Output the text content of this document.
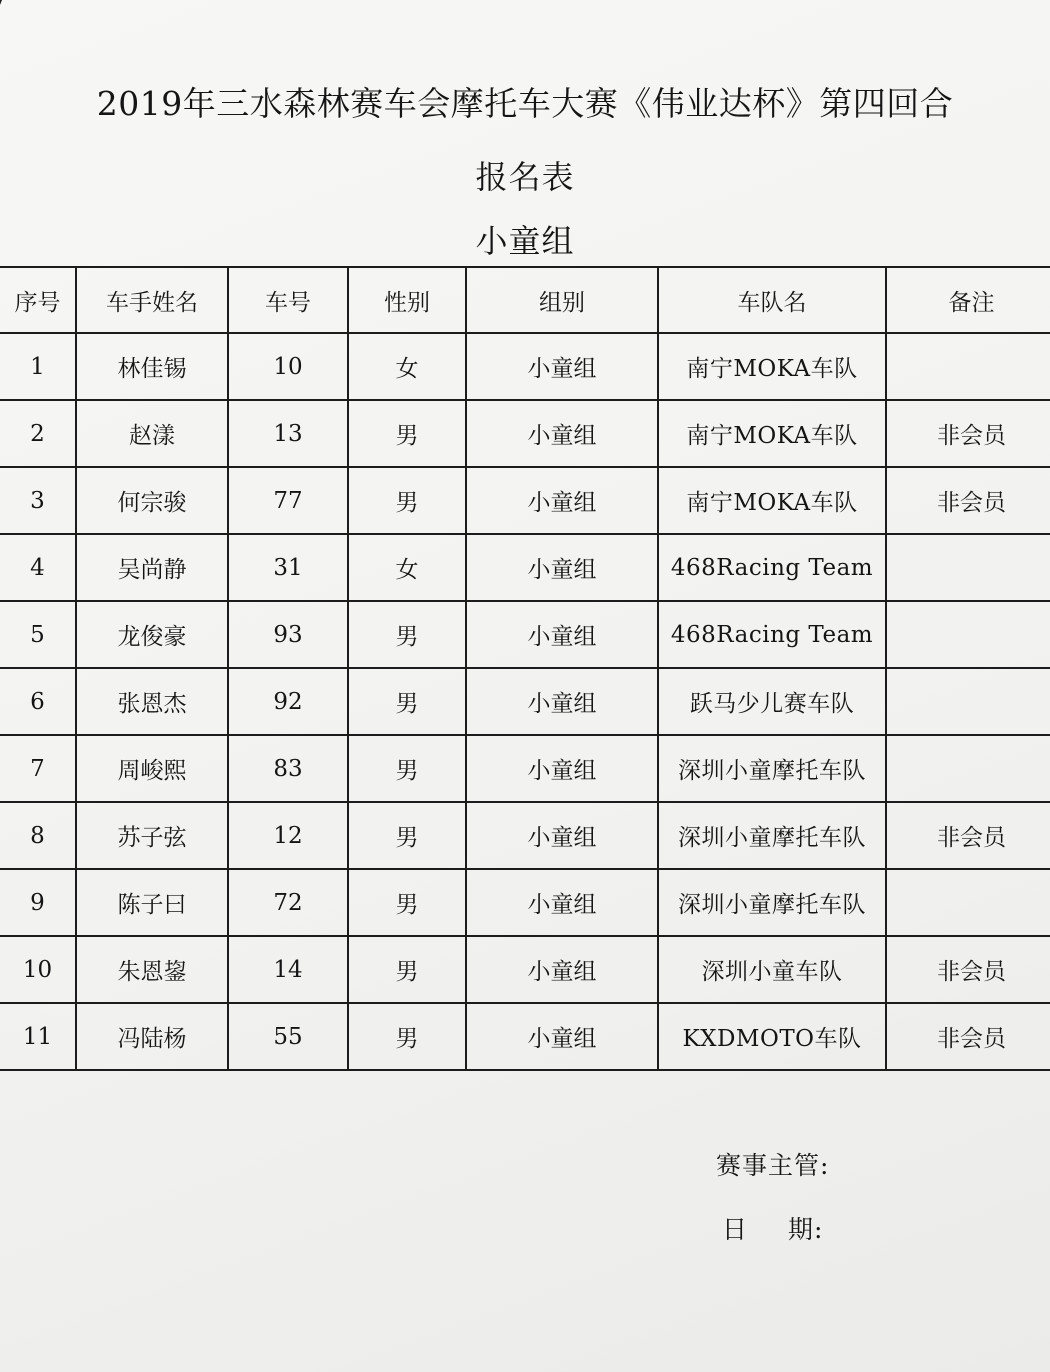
2019年三水森林赛车会摩托车大赛《伟业达杯》第四回合
报名表
小童组
序号	车手姓名	车号	性别	组别	车队名	备注
1	林佳锡	10	女	小童组	南宁MOKA车队	
2	赵漾	13	男	小童组	南宁MOKA车队	非会员
3	何宗骏	77	男	小童组	南宁MOKA车队	非会员
4	吴尚静	31	女	小童组	468Racing Team	
5	龙俊豪	93	男	小童组	468Racing Team	
6	张恩杰	92	男	小童组	跃马少儿赛车队	
7	周峻熙	83	男	小童组	深圳小童摩托车队	
8	苏子弦	12	男	小童组	深圳小童摩托车队	非会员
9	陈子曰	72	男	小童组	深圳小童摩托车队	
10	朱恩鋆	14	男	小童组	深圳小童车队	非会员
11	冯陆杨	55	男	小童组	KXDMOTO车队	非会员
赛事主管:
日 期:
